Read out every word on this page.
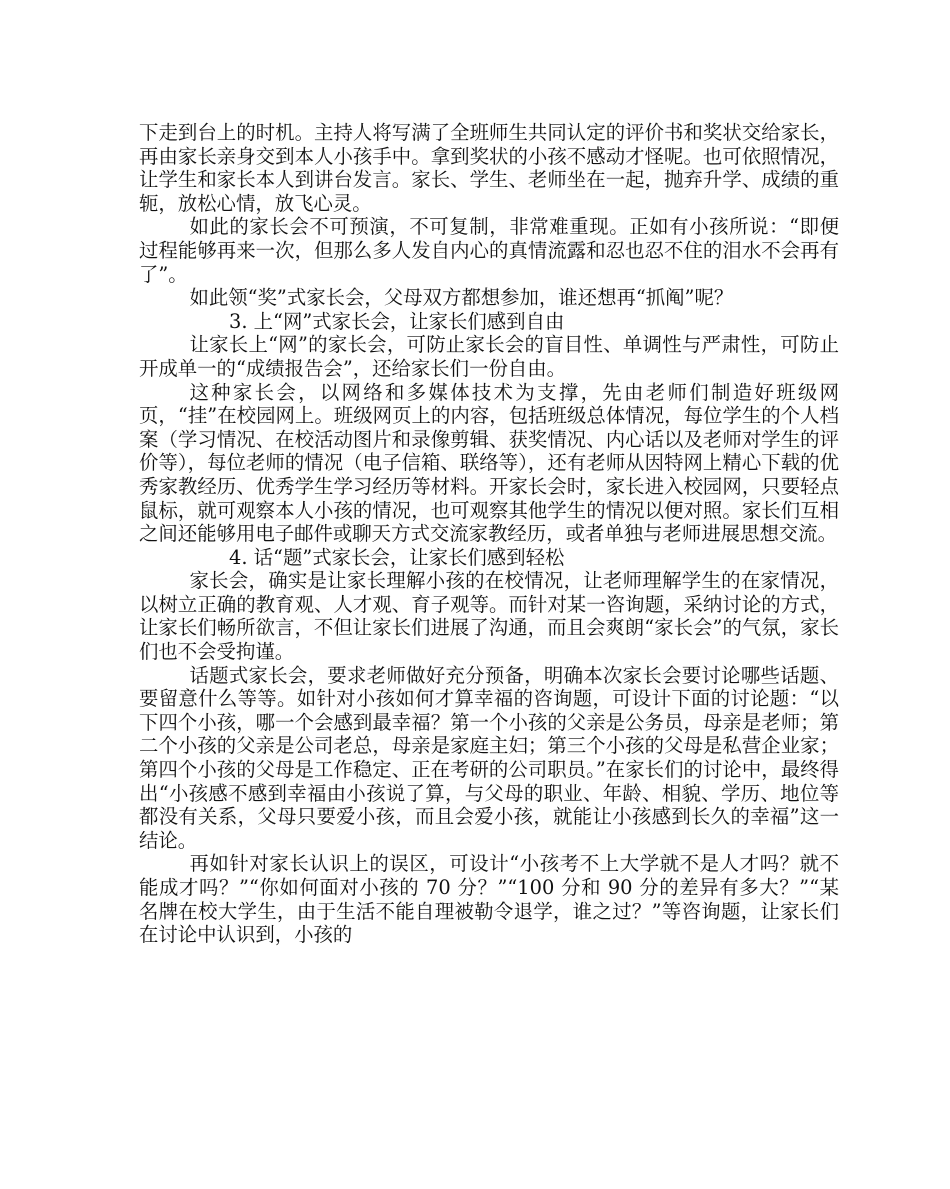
下走到台上的时机。主持人将写满了全班师生共同认定的评价书和奖状交给家长，再由家长亲身交到本人小孩手中。拿到奖状的小孩不感动才怪呢。也可依照情况，让学生和家长本人到讲台发言。家长、学生、老师坐在一起，抛弃升学、成绩的重轭，放松心情，放飞心灵。

如此的家长会不可预演，不可复制，非常难重现。正如有小孩所说：“即便过程能够再来一次，但那么多人发自内心的真情流露和忍也忍不住的泪水不会再有了”。

如此领“奖”式家长会，父母双方都想参加，谁还想再“抓阄”呢？

3. 上“网”式家长会，让家长们感到自由

让家长上“网”的家长会，可防止家长会的盲目性、单调性与严肃性，可防止开成单一的“成绩报告会”，还给家长们一份自由。

这种家长会，以网络和多媒体技术为支撑，先由老师们制造好班级网页，“挂”在校园网上。班级网页上的内容，包括班级总体情况，每位学生的个人档案（学习情况、在校活动图片和录像剪辑、获奖情况、内心话以及老师对学生的评价等），每位老师的情况（电子信箱、联络等），还有老师从因特网上精心下载的优秀家教经历、优秀学生学习经历等材料。开家长会时，家长进入校园网，只要轻点鼠标，就可观察本人小孩的情况，也可观察其他学生的情况以便对照。家长们互相之间还能够用电子邮件或聊天方式交流家教经历，或者单独与老师进展思想交流。

4. 话“题”式家长会，让家长们感到轻松

家长会，确实是让家长理解小孩的在校情况，让老师理解学生的在家情况，以树立正确的教育观、人才观、育子观等。而针对某一咨询题，采纳讨论的方式，让家长们畅所欲言，不但让家长们进展了沟通，而且会爽朗“家长会”的气氛，家长们也不会受拘谨。

话题式家长会，要求老师做好充分预备，明确本次家长会要讨论哪些话题、要留意什么等等。如针对小孩如何才算幸福的咨询题，可设计下面的讨论题：“以下四个小孩，哪一个会感到最幸福？第一个小孩的父亲是公务员，母亲是老师；第二个小孩的父亲是公司老总，母亲是家庭主妇；第三个小孩的父母是私营企业家；第四个小孩的父母是工作稳定、正在考研的公司职员。”在家长们的讨论中，最终得出“小孩感不感到幸福由小孩说了算，与父母的职业、年龄、相貌、学历、地位等都没有关系，父母只要爱小孩，而且会爱小孩，就能让小孩感到长久的幸福”这一结论。

再如针对家长认识上的误区，可设计“小孩考不上大学就不是人才吗？就不能成才吗？”“你如何面对小孩的 70 分？”“100 分和 90 分的差异有多大？”“某名牌在校大学生，由于生活不能自理被勒令退学，谁之过？”等咨询题，让家长们在讨论中认识到，小孩的
